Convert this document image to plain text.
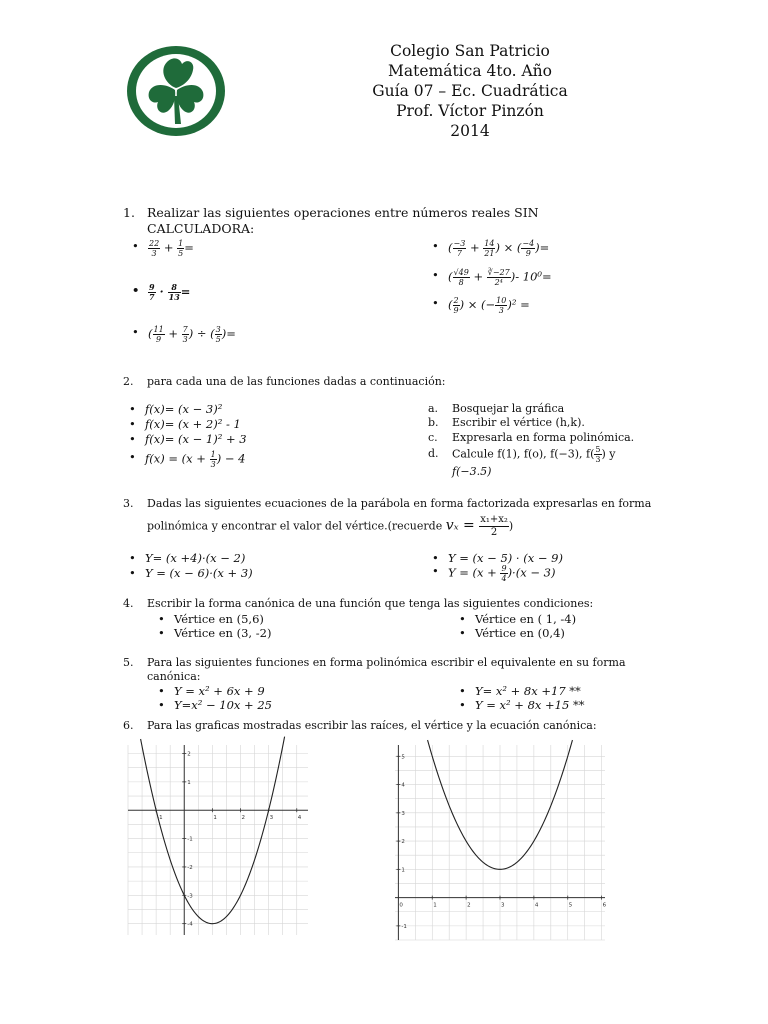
Colegio San Patricio
Matemática 4to. Año
Guía 07 – Ec. Cuadrática
Prof. Víctor Pinzón
2014
1. Realizar las siguientes operaciones entre números reales SIN CALCULADORA:
• $\frac{22}{3} + \frac{1}{5}$ =
• $\frac{9}{7} \cdot \frac{8}{13}$ =
• ( $\frac{11}{9} + \frac{7}{3}$ ) ÷ ( $\frac{3}{5}$ )=
• ( $\frac{-3}{7} + \frac{14}{21}$ ) × ( $\frac{-4}{9}$ )=
• ( $\frac{√49}{8} + \frac{∛-27}{\text{2⁴}}$ )- 10⁰=
• ( $\frac{2}{9}$ ) × (− $\frac{10}{3} )^2$ =
2. para cada una de las funciones dadas a continuación:
• f(x)= (x − 3)²
• f(x)= (x + 2)² - 1
• f(x)= (x − 1)² + 3
• $f(x) = (x + \frac{1}{3}$ ) − 4
a. Bosquejar la gráfica
b. Escribir el vértice (h,k).
c. Expresarla en forma polinómica.
d. Calcule f(1), f(o), f(−3), $f( \frac{5}{3}$ ) y
f(−3.5)
3. Dadas las siguientes ecuaciones de la parábola en forma factorizada expresarlas en forma
polinómica y encontrar el valor del vértice.(recuerde $v_x = \frac{\text{x₁+x₂}}{2}$ )
• Y= (x +4)·(x − 2)
• Y = (x − 6)·(x + 3)
• Y = (x − 5) · (x − 9)
• $Y = (x + \frac{9}{4} )\cdot(x - 3)$
4. Escribir la forma canónica de una función que tenga las siguientes condiciones:
• Vértice en (5,6)
• Vértice en (3, -2)
• Vértice en ( 1, -4)
• Vértice en (0,4)
5. Para las siguientes funciones en forma polinómica escribir el equivalente en su forma canónica:
• Y = x² + 6x + 9
• Y=x² − 10x + 25
• Y= x² + 8x +17 **
• Y = x² + 8x +15 **
6. Para las graficas mostradas escribir las raíces, el vértice y la ecuación canónica:
-1	1	2	3	4
2
1
-1
-2
-3
-4
0	1	2	3	4	5	6
5
4
3
2
1
-1
